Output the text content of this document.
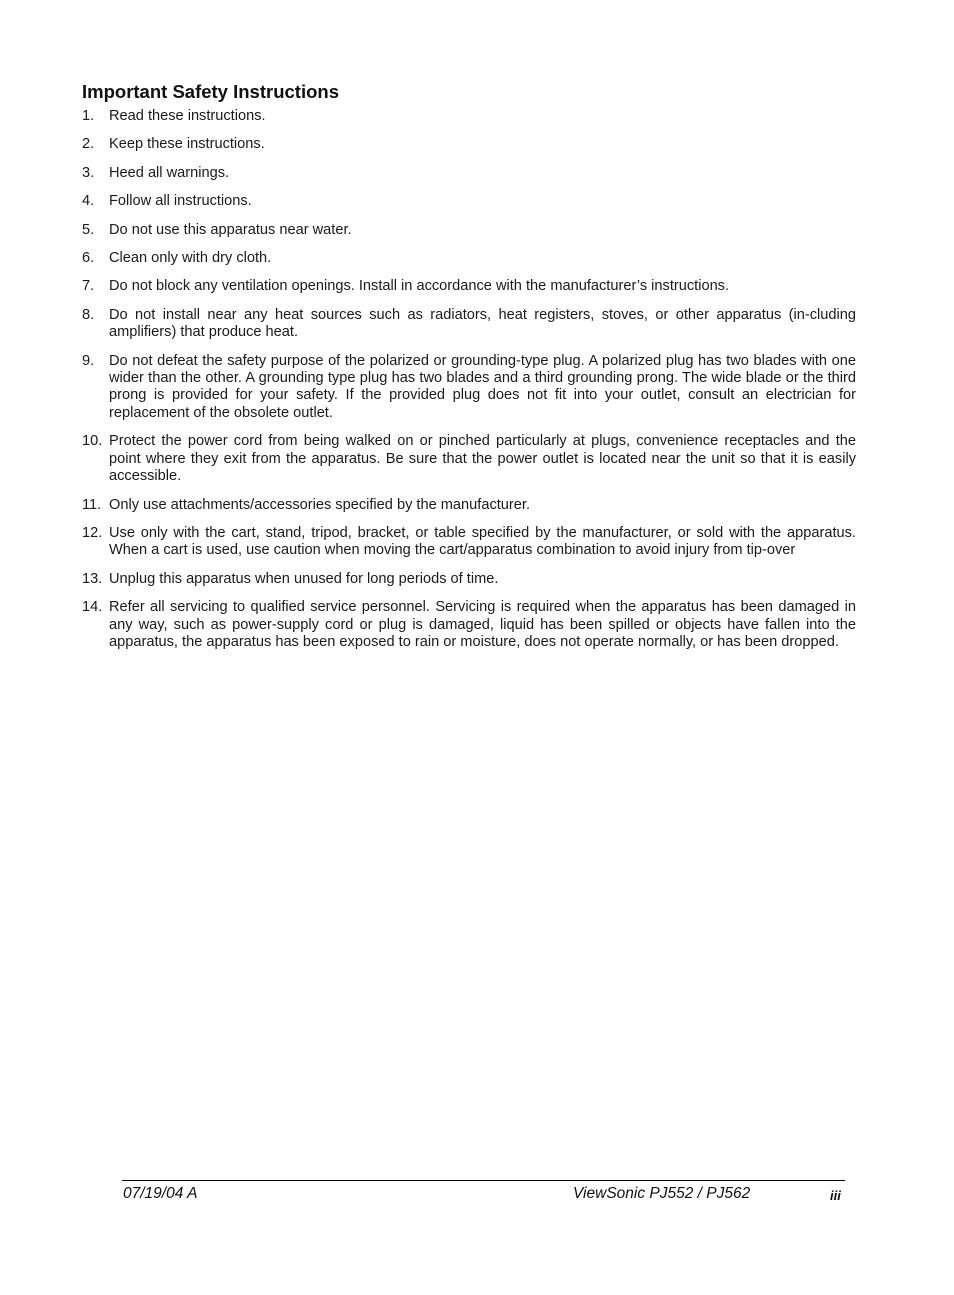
Important Safety Instructions
1. Read these instructions.
2. Keep these instructions.
3. Heed all warnings.
4. Follow all instructions.
5. Do not use this apparatus near water.
6. Clean only with dry cloth.
7. Do not block any ventilation openings. Install in accordance with the manufacturer’s instructions.
8. Do not install near any heat sources such as radiators, heat registers, stoves, or other apparatus (in-cluding amplifiers) that produce heat.
9. Do not defeat the safety purpose of the polarized or grounding-type plug. A polarized plug has two blades with one wider than the other. A grounding type plug has two blades and a third grounding prong. The wide blade or the third prong is provided for your safety. If the provided plug does not fit into your outlet, consult an electrician for replacement of the obsolete outlet.
10. Protect the power cord from being walked on or pinched particularly at plugs, convenience receptacles and the point where they exit from the apparatus. Be sure that the power outlet is located near the unit so that it is easily accessible.
11. Only use attachments/accessories specified by the manufacturer.
12. Use only with the cart, stand, tripod, bracket, or table specified by the manufacturer, or sold with the apparatus. When a cart is used, use caution when moving the cart/apparatus combination to avoid injury from tip-over
13. Unplug this apparatus when unused for long periods of time.
14. Refer all servicing to qualified service personnel. Servicing is required when the apparatus has been damaged in any way, such as power-supply cord or plug is damaged, liquid has been spilled or objects have fallen into the apparatus, the apparatus has been exposed to rain or moisture, does not operate normally, or has been dropped.
07/19/04 A	ViewSonic PJ552 / PJ562	iii
